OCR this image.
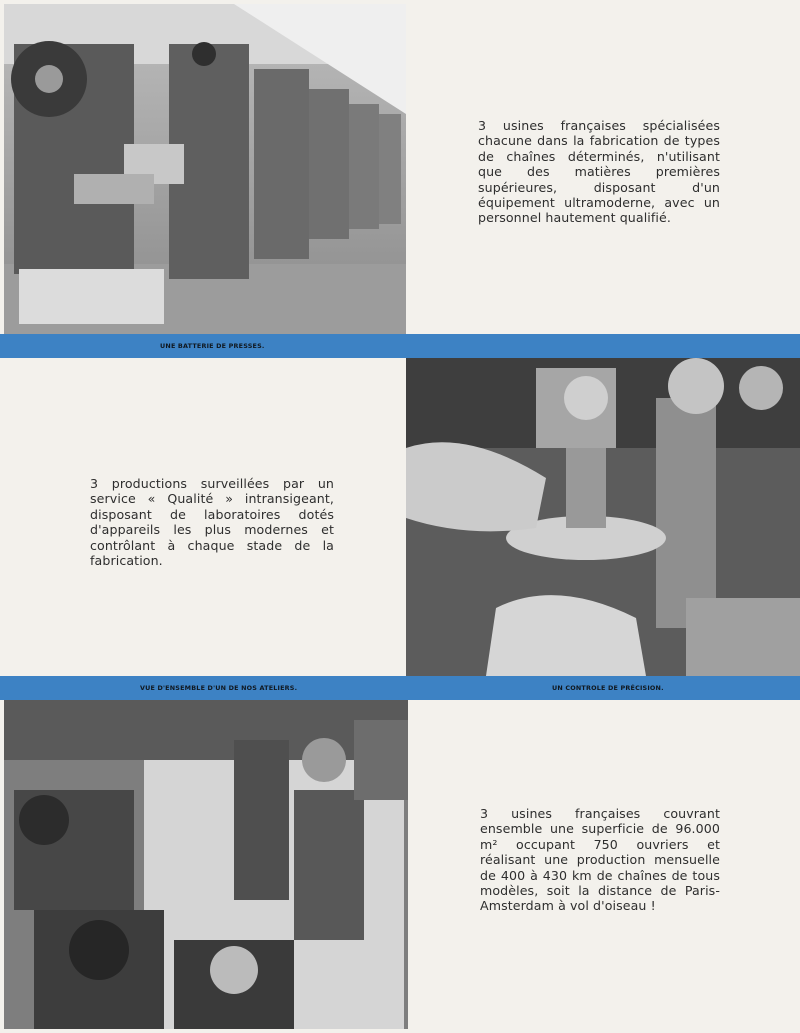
3 usines françaises spécialisées chacune dans la fabrication de types de chaînes déterminés, n'utilisant que des matières premières supérieures, disposant d'un équipement ultramoderne, avec un personnel hautement qualifié.
UNE BATTERIE DE PRESSES.
3 productions surveillées par un service « Qualité » intransigeant, disposant de laboratoires dotés d'appareils les plus modernes et contrôlant à chaque stade de la fabrication.
VUE D'ENSEMBLE D'UN DE NOS ATELIERS.	UN CONTROLE DE PRÉCISION.
3 usines françaises couvrant ensemble une superficie de 96.000 m² occupant 750 ouvriers et réalisant une production mensuelle de 400 à 430 km de chaînes de tous modèles, soit la distance de Paris-Amsterdam à vol d'oiseau !
